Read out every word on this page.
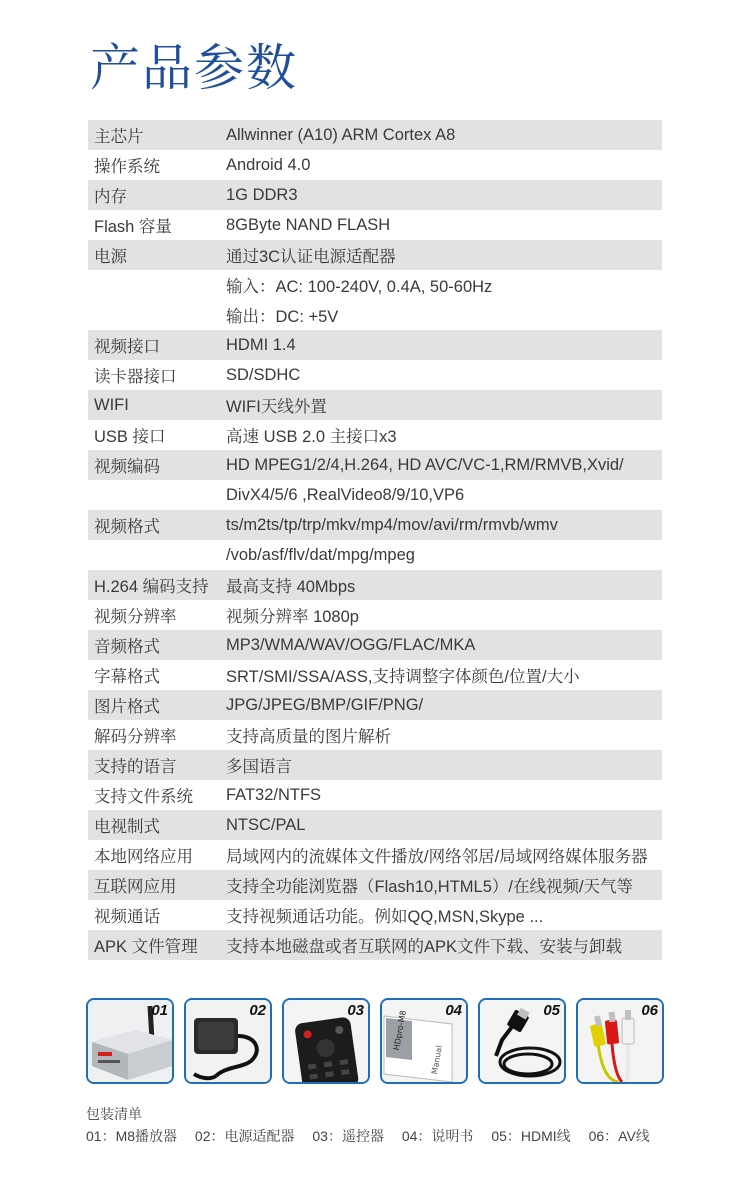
产品参数
主芯片	Allwinner (A10) ARM Cortex A8
操作系统	Android 4.0
内存	1G DDR3
Flash 容量	8GByte NAND FLASH
电源	通过3C认证电源适配器
输入：AC: 100-240V, 0.4A, 50-60Hz
输出：DC: +5V
视频接口	HDMI 1.4
读卡器接口	SD/SDHC
WIFI	WIFI天线外置
USB 接口	高速 USB 2.0 主接口x3
视频编码	HD MPEG1/2/4,H.264, HD AVC/VC-1,RM/RMVB,Xvid/
DivX4/5/6 ,RealVideo8/9/10,VP6
视频格式	ts/m2ts/tp/trp/mkv/mp4/mov/avi/rm/rmvb/wmv
/vob/asf/flv/dat/mpg/mpeg
H.264 编码支持	最高支持 40Mbps
视频分辨率	视频分辨率 1080p
音频格式	MP3/WMA/WAV/OGG/FLAC/MKA
字幕格式	SRT/SMI/SSA/ASS,支持调整字体颜色/位置/大小
图片格式	JPG/JPEG/BMP/GIF/PNG/
解码分辨率	支持高质量的图片解析
支持的语言	多国语言
支持文件系统	FAT32/NTFS
电视制式	NTSC/PAL
本地网络应用	局域网内的流媒体文件播放/网络邻居/局域网络媒体服务器
互联网应用	支持全功能浏览器（Flash10,HTML5）/在线视频/天气等
视频通话	支持视频通话功能。例如QQ,MSN,Skype ...
APK 文件管理	支持本地磁盘或者互联网的APK文件下载、安装与卸载
01	02	03	04
HDpro-M8
Manual
05	06
包装清单
01：M8播放器 02：电源适配器 03：遥控器 04：说明书 05：HDMI线 06：AV线
